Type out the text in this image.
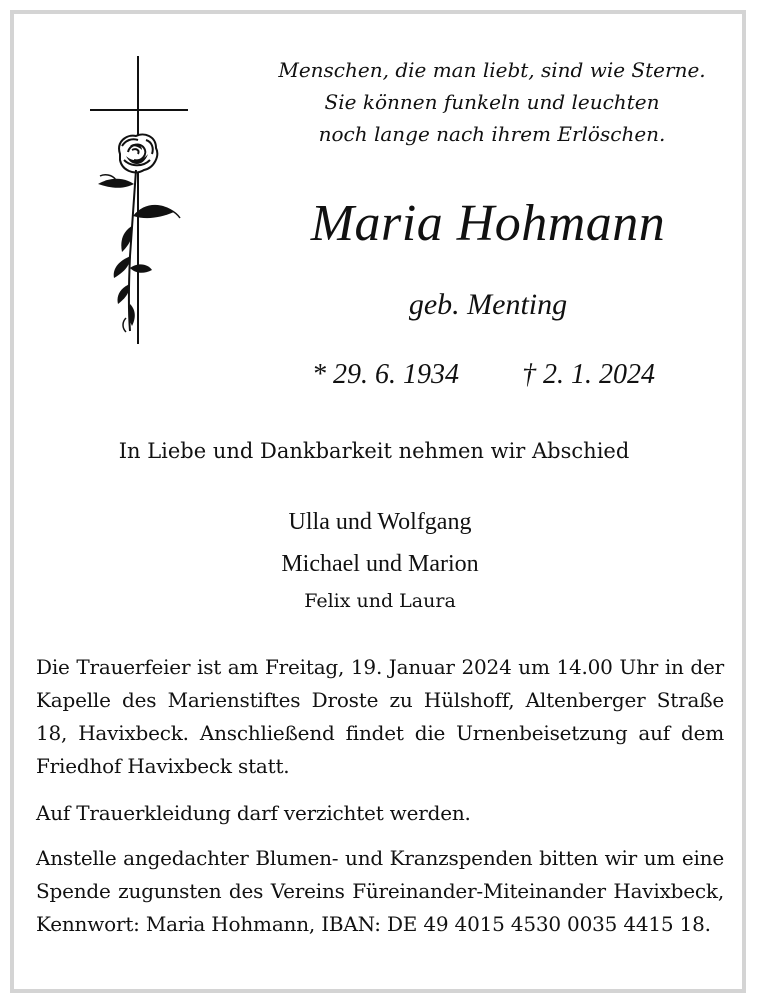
Menschen, die man liebt, sind wie Sterne.
Sie können funkeln und leuchten
noch lange nach ihrem Erlöschen.
Maria Hohmann
geb. Menting
* 29. 6. 1934 † 2. 1. 2024
In Liebe und Dankbarkeit nehmen wir Abschied
Ulla und Wolfgang
Michael und Marion
Felix und Laura
Die Trauerfeier ist am Freitag, 19. Januar 2024 um 14.00 Uhr in der Kapelle des Marienstiftes Droste zu Hülshoff, Altenberger Straße 18, Havixbeck. Anschließend findet die Urnenbeisetzung auf dem Friedhof Havixbeck statt.
Auf Trauerkleidung darf verzichtet werden.
Anstelle angedachter Blumen- und Kranzspenden bitten wir um eine Spende zugunsten des Vereins Füreinander-Miteinander Havixbeck, Kennwort: Maria Hohmann, IBAN: DE 49 4015 4530 0035 4415 18.
